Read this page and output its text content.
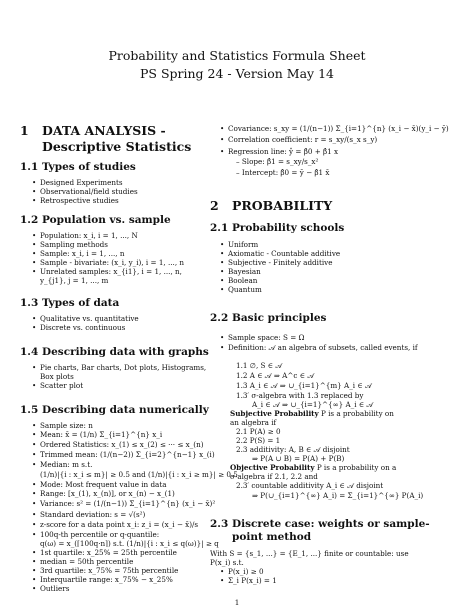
Probability and Statistics Formula Sheet
PS Spring 24 - Version May 14
1 DATA ANALYSIS -
Descriptive Statistics
1.1 Types of studies
• Designed Experiments
• Observational/field studies
• Retrospective studies
1.2 Population vs. sample
• Population: x_i, i = 1, ..., N
• Sampling methods
• Sample: x_i, i = 1, ..., n
• Sample - bivariate: (x_i, y_i), i = 1, ..., n
• Unrelated samples: x_{i1}, i = 1, ..., n,
y_{j1}, j = 1, ..., m
1.3 Types of data
• Qualitative vs. quantitative
• Discrete vs. continuous
1.4 Describing data with graphs
• Pie charts, Bar charts, Dot plots, Histograms,
Box plots
• Scatter plot
1.5 Describing data numerically
• Sample size: n
• Mean: x̄ = (1/n) Σ_{i=1}^{n} x_i
• Ordered Statistics: x_(1) ≤ x_(2) ≤ ··· ≤ x_(n)
• Trimmed mean: (1/(n−2)) Σ_{i=2}^{n−1} x_(i)
• Median: m s.t.
(1/n)|{i : x_i ≤ m}| ≥ 0.5 and (1/n)|{i : x_i ≥ m}| ≥ 0.5
• Mode: Most frequent value in data
• Range: [x_(1), x_(n)], or x_(n) − x_(1)
• Variance: s² = (1/(n−1)) Σ_{i=1}^{n} (x_i − x̄)²
• Standard deviation: s = √(s²)
• z-score for a data point x_i: z_i = (x_i − x̄)/s
• 100q-th percentile or q-quantile:
q(ω) = x_(⌈100q·n⌉) s.t. (1/n)|{i : x_i ≤ q(ω)}| ≥ q
• 1st quartile: x_25% = 25th percentile
• median = 50th percentile
• 3rd quartile: x_75% = 75th percentile
• Interquartile range: x_75% − x_25%
• Outliers
• Covariance: s_xy = (1/(n−1)) Σ_{i=1}^{n} (x_i − x̄)(y_i − ȳ)
• Correlation coefficient: r = s_xy/(s_x s_y)
• Regression line: ŷ = β̂0 + β̂1 x
– Slope: β̂1 = s_xy/s_x²
– Intercept: β̂0 = ȳ − β̂1 x̄
2 PROBABILITY
2.1 Probability schools
• Uniform
• Axiomatic - Countable additive
• Subjective - Finitely additive
• Bayesian
• Boolean
• Quantum
2.2 Basic principles
• Sample space: S = Ω
• Definition: 𝒜 an algebra of subsets, called events, if
1.1 ∅, S ∈ 𝒜
1.2 A ∈ 𝒜 ⇒ A^c ∈ 𝒜
1.3 A_i ∈ 𝒜 ⇒ ∪_{i=1}^{m} A_i ∈ 𝒜
1.3′ σ-algebra with 1.3 replaced by
A_i ∈ 𝒜 ⇒ ∪_{i=1}^{∞} A_i ∈ 𝒜
Subjective Probability P is a probability on
an algebra if
2.1 P(A) ≥ 0
2.2 P(S) = 1
2.3 additivity: A, B ∈ 𝒜 disjoint
⇒ P(A ∪ B) = P(A) + P(B)
Objective Probability P is a probability on a
σ-algebra if 2.1, 2.2 and
2.3′ countable additivity A_i ∈ 𝒜 disjoint
⇒ P(∪_{i=1}^{∞} A_i) = Σ_{i=1}^{∞} P(A_i)
2.3 Discrete case: weights or sample-
point method
With S = {s_1, ...} = {E_1, ...} finite or countable: use
P(x_i) s.t.
• P(x_i) ≥ 0
• Σ_i P(x_i) = 1
1
